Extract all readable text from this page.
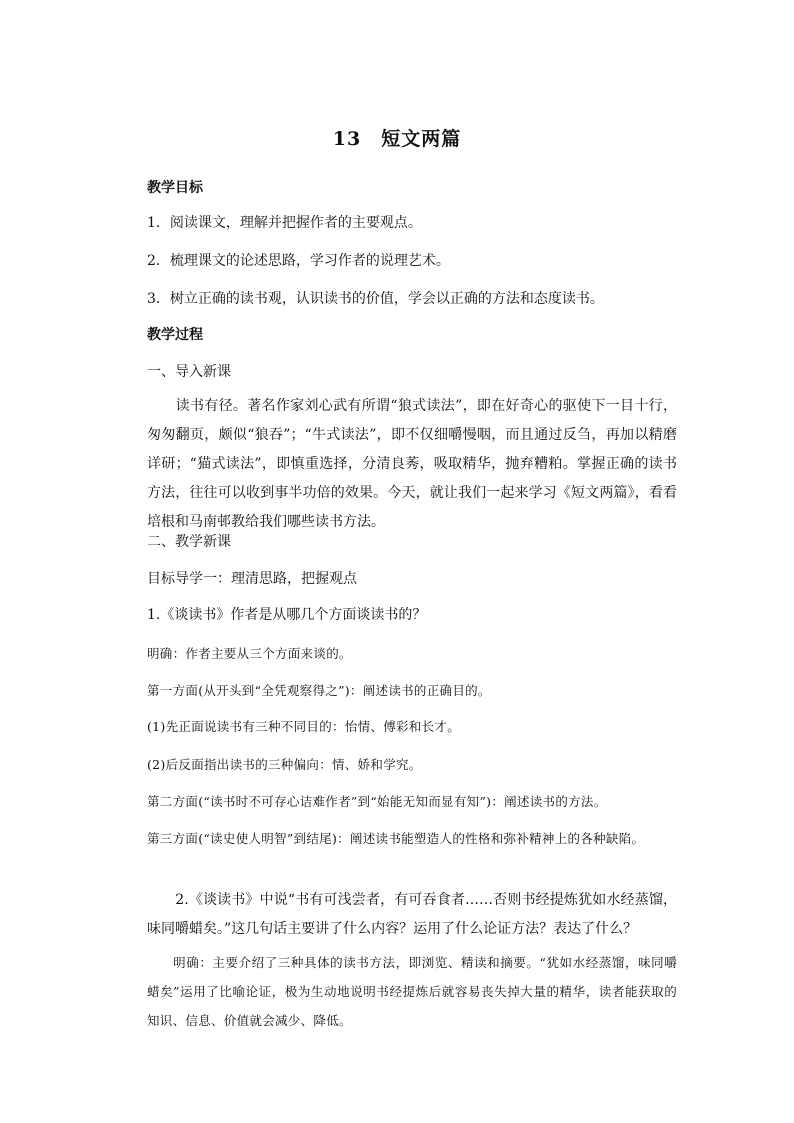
13　短文两篇
教学目标
1．阅读课文，理解并把握作者的主要观点。
2．梳理课文的论述思路，学习作者的说理艺术。
3．树立正确的读书观，认识读书的价值，学会以正确的方法和态度读书。
教学过程
一、导入新课
　　读书有径。著名作家刘心武有所谓“狼式读法”，即在好奇心的驱使下一目十行，匆匆翻页，颇似“狼吞”；“牛式读法”，即不仅细嚼慢咽，而且通过反刍，再加以精磨详研；“猫式读法”，即慎重选择，分清良莠，吸取精华，抛弃糟粕。掌握正确的读书方法，往往可以收到事半功倍的效果。今天，就让我们一起来学习《短文两篇》，看看培根和马南邨教给我们哪些读书方法。
二、教学新课
目标导学一：理清思路，把握观点
1.《谈读书》作者是从哪几个方面谈读书的？
明确：作者主要从三个方面来谈的。
第一方面(从开头到“全凭观察得之”)：阐述读书的正确目的。
(1)先正面说读书有三种不同目的：怡情、傅彩和长才。
(2)后反面指出读书的三种偏向：情、娇和学究。
第二方面(“读书时不可存心诘难作者”到“始能无知而显有知”)：阐述读书的方法。
第三方面(“读史使人明智”到结尾)：阐述读书能塑造人的性格和弥补精神上的各种缺陷。
　　2.《谈读书》中说“书有可浅尝者，有可吞食者……否则书经提炼犹如水经蒸馏，味同嚼蜡矣。”这几句话主要讲了什么内容？运用了什么论证方法？表达了什么？
　　明确：主要介绍了三种具体的读书方法，即浏览、精读和摘要。“犹如水经蒸馏，味同嚼蜡矣”运用了比喻论证，极为生动地说明书经提炼后就容易丧失掉大量的精华，读者能获取的知识、信息、价值就会减少、降低。
